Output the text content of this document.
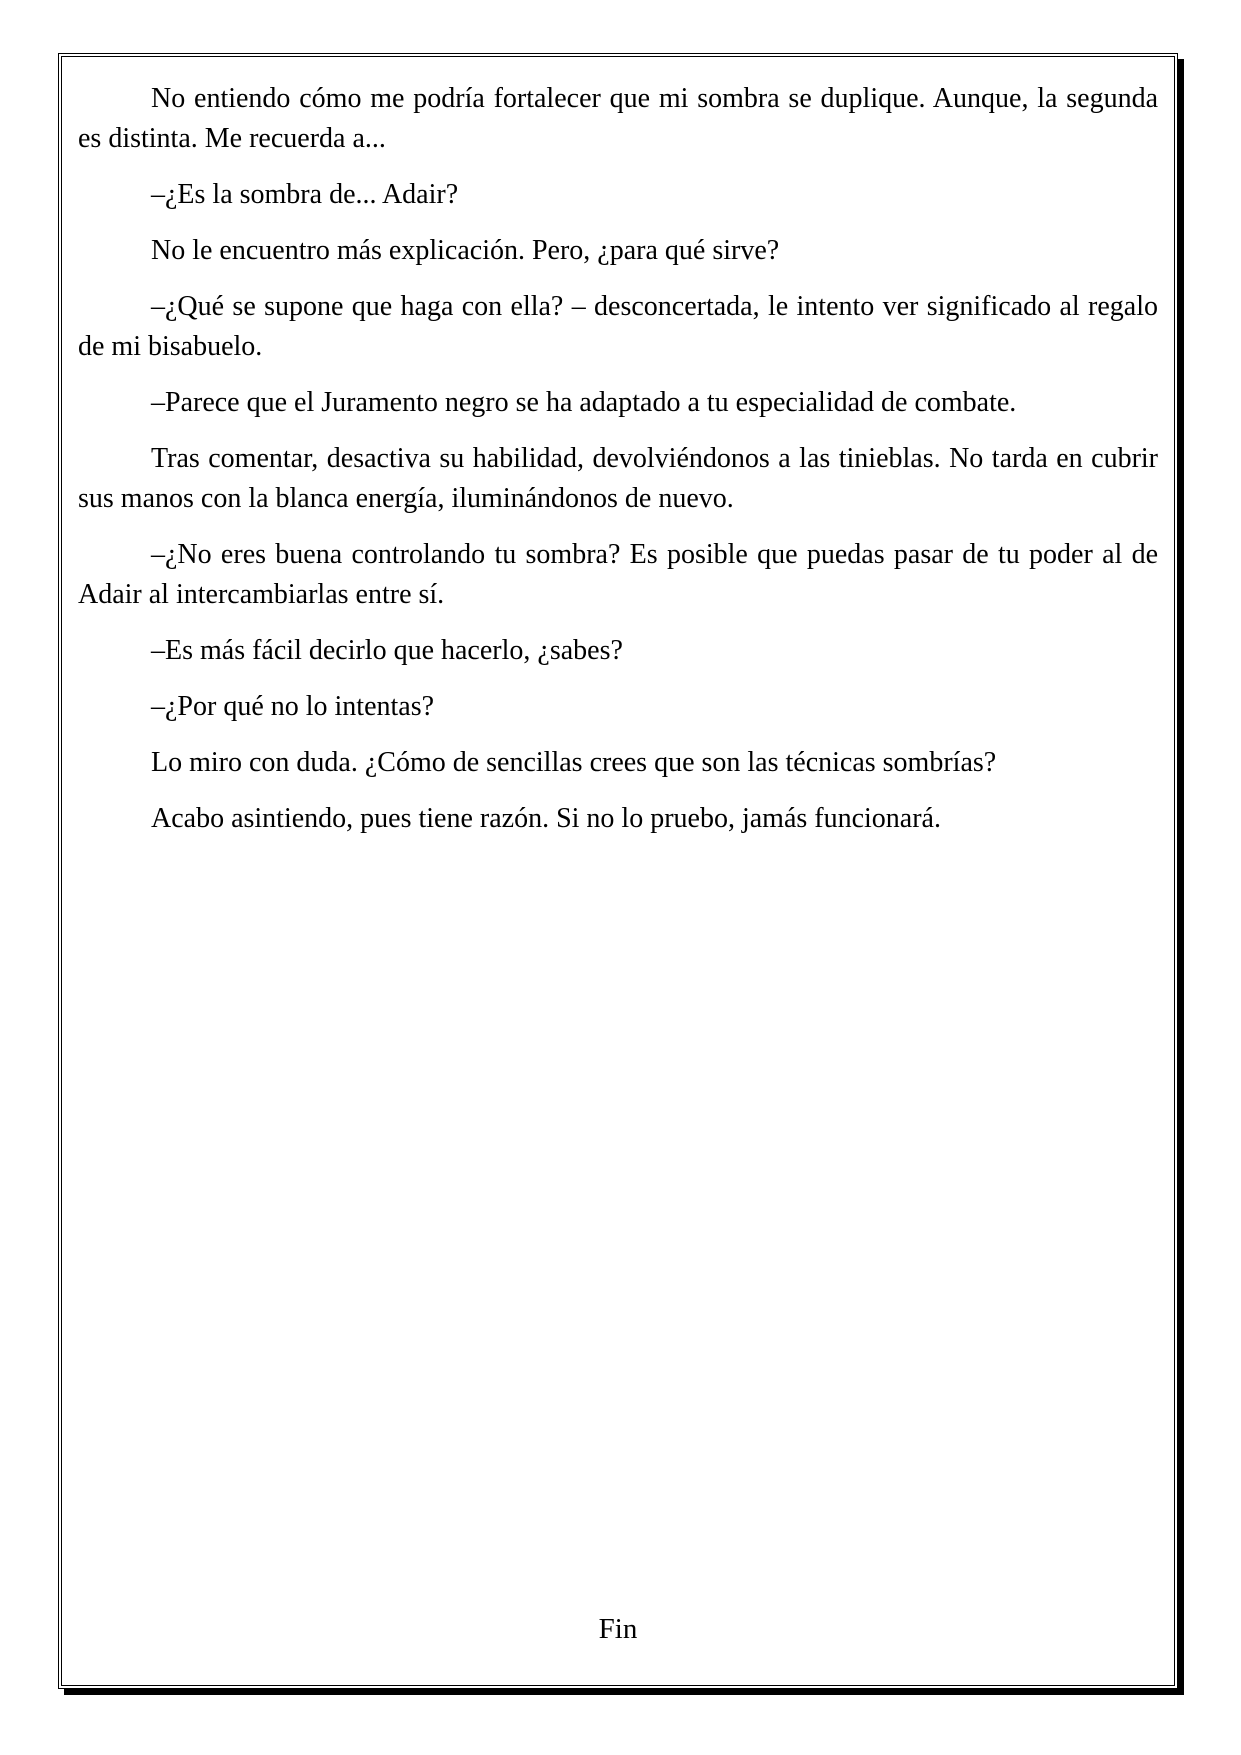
No entiendo cómo me podría fortalecer que mi sombra se duplique. Aunque, la segunda es distinta. Me recuerda a...

–¿Es la sombra de... Adair?

No le encuentro más explicación. Pero, ¿para qué sirve?

–¿Qué se supone que haga con ella? – desconcertada, le intento ver significado al regalo de mi bisabuelo.

–Parece que el Juramento negro se ha adaptado a tu especialidad de combate.

Tras comentar, desactiva su habilidad, devolviéndonos a las tinieblas. No tarda en cubrir sus manos con la blanca energía, iluminándonos de nuevo.

–¿No eres buena controlando tu sombra? Es posible que puedas pasar de tu poder al de Adair al intercambiarlas entre sí.

–Es más fácil decirlo que hacerlo, ¿sabes?

–¿Por qué no lo intentas?

Lo miro con duda. ¿Cómo de sencillas crees que son las técnicas sombrías?

Acabo asintiendo, pues tiene razón. Si no lo pruebo, jamás funcionará.

Fin
